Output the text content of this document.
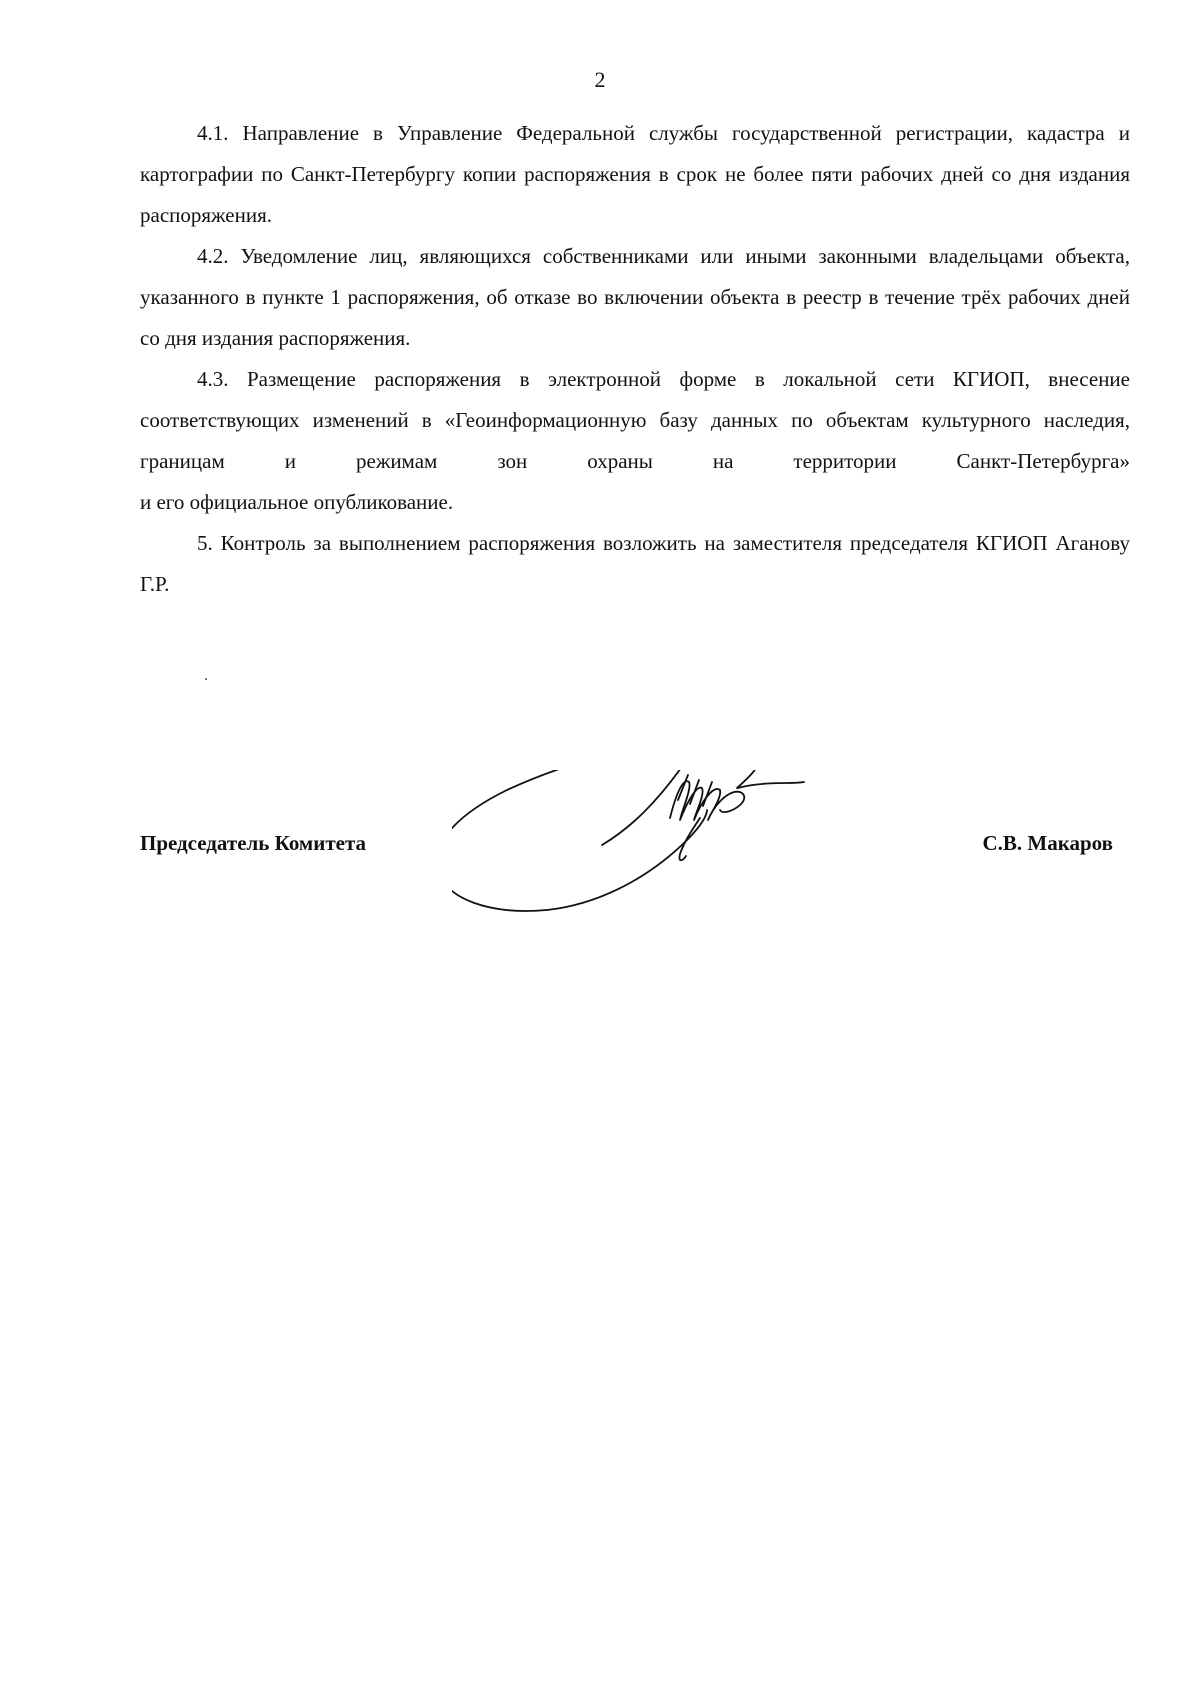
2

4.1. Направление в Управление Федеральной службы государственной регистрации, кадастра и картографии по Санкт-Петербургу копии распоряжения в срок не более пяти рабочих дней со дня издания распоряжения.

4.2. Уведомление лиц, являющихся собственниками или иными законными владельцами объекта, указанного в пункте 1 распоряжения, об отказе во включении объекта в реестр в течение трёх рабочих дней со дня издания распоряжения.

4.3. Размещение распоряжения в электронной форме в локальной сети КГИОП, внесение соответствующих изменений в «Геоинформационную базу данных по объектам культурного наследия, границам и режимам зон охраны на территории Санкт-Петербурга»

и его официальное опубликование.

5. Контроль за выполнением распоряжения возложить на заместителя председателя КГИОП Аганову Г.Р.

Председатель Комитета	С.В. Макаров
